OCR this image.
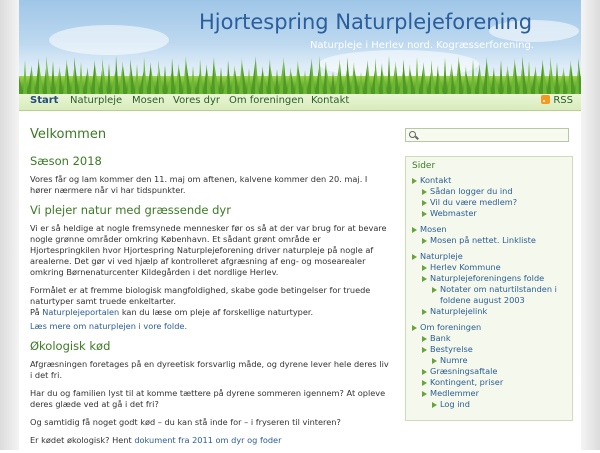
Hjortespring Naturplejeforening
Naturpleje i Herlev nord. Kogræsserforening.
Start Naturpleje Mosen Vores dyr Om foreningen Kontakt	RSS
Velkommen
Sæson 2018

Vores får og lam kommer den 11. maj om aftenen, kalvene kommer den 20. maj. I hører nærmere når vi har tidspunkter.

Vi plejer natur med græssende dyr

Vi er så heldige at nogle fremsynede mennesker før os så at der var brug for at bevare nogle grønne områder omkring København. Et sådant grønt område er Hjortespringkilen hvor Hjortespring Naturplejeforening driver naturpleje på nogle af arealerne. Det gør vi ved hjælp af kontrolleret afgræsning af eng- og mosearealer omkring Børnenaturcenter Kildegården i det nordlige Herlev.

Formålet er at fremme biologisk mangfoldighed, skabe gode betingelser for truede naturtyper samt truede enkeltarter.
På Naturplejeportalen kan du læse om pleje af forskellige naturtyper.

Læs mere om naturplejen i vore folde.

Økologisk kød

Afgræsningen foretages på en dyreetisk forsvarlig måde, og dyrene lever hele deres liv i det fri.

Har du og familien lyst til at komme tættere på dyrene sommeren igennem? At opleve deres glæde ved at gå i det fri?

Og samtidig få noget godt kød – du kan stå inde for – i fryseren til vinteren?

Er kødet økologisk? Hent dokument fra 2011 om dyr og foder

Sider
Kontakt
Sådan logger du ind
Vil du være medlem?
Webmaster
Mosen
Mosen på nettet. Linkliste
Naturpleje
Herlev Kommune
Naturplejeforeningens folde
Notater om naturtilstanden i
foldene august 2003
Naturplejelink
Om foreningen
Bank
Bestyrelse
Numre
Græsningsaftale
Kontingent, priser
Medlemmer
Log ind
